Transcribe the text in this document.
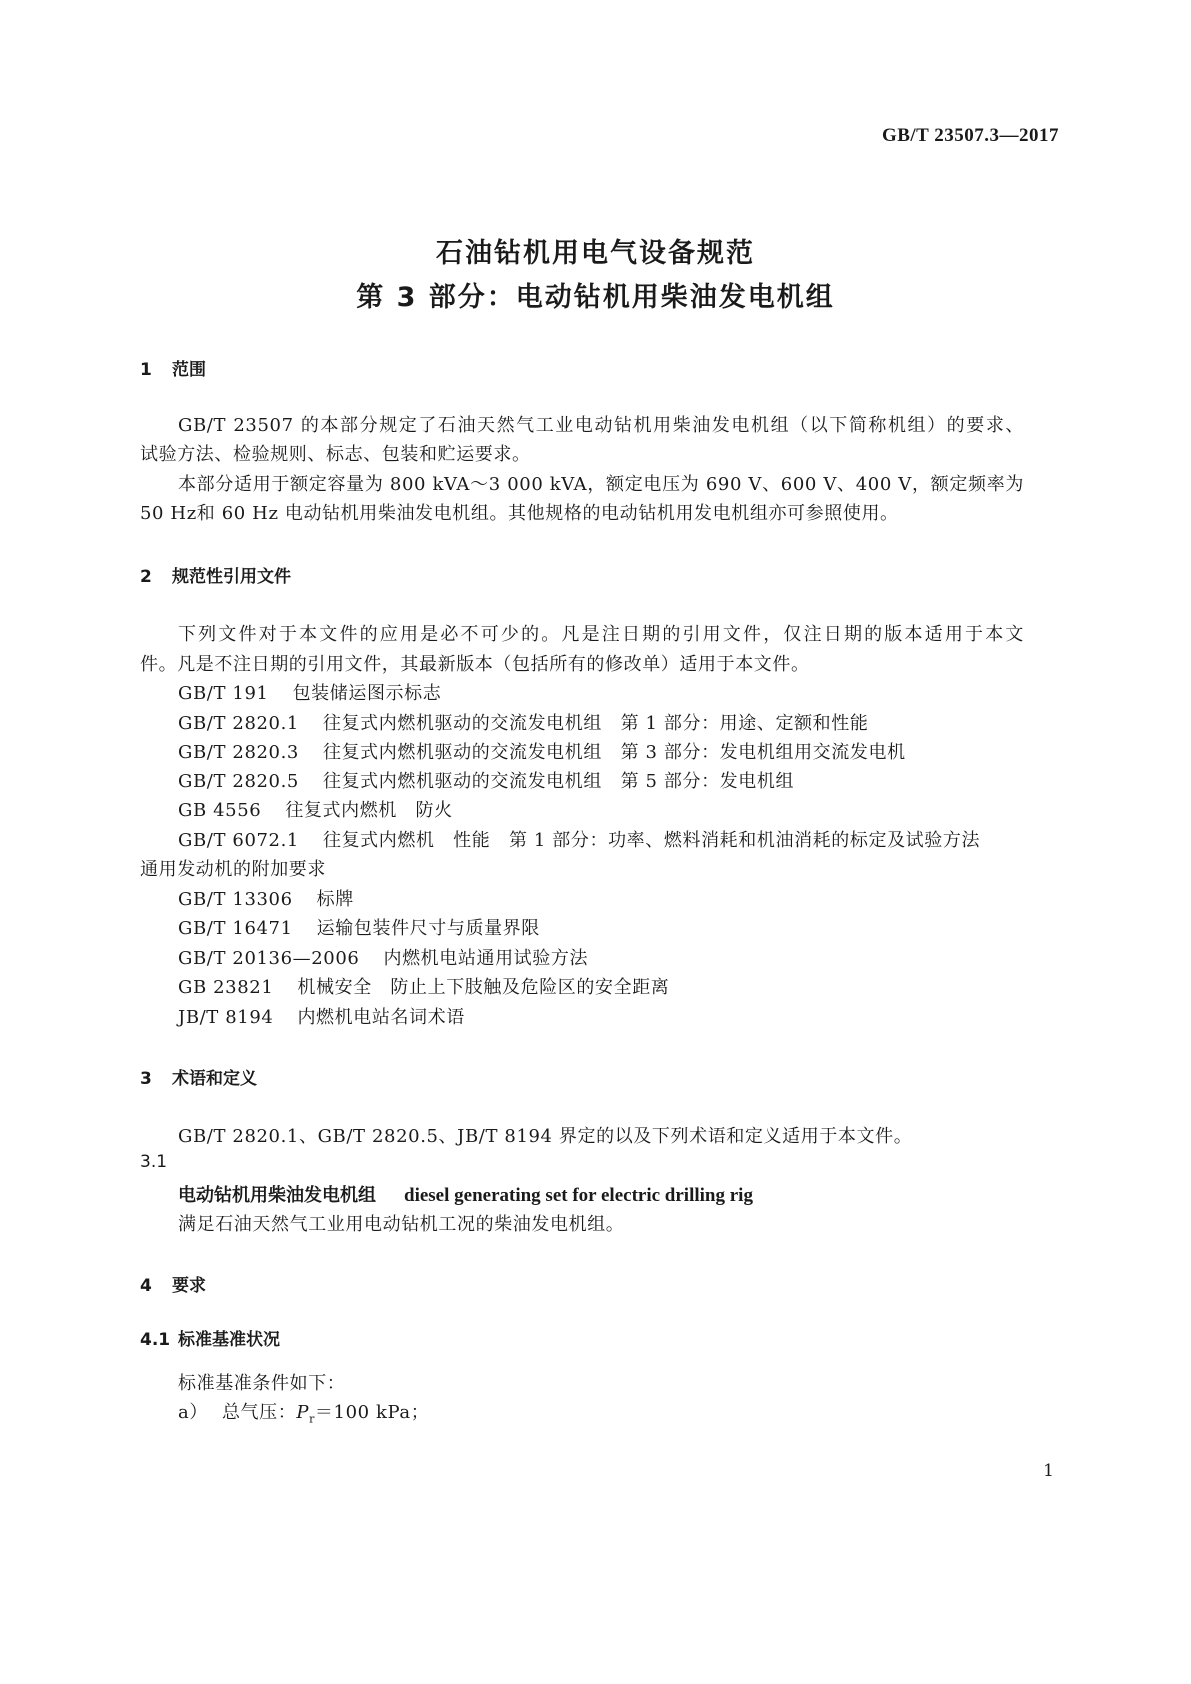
GB/T 23507.3—2017
石油钻机用电气设备规范
第 3 部分：电动钻机用柴油发电机组
1 范围
GB/T 23507 的本部分规定了石油天然气工业电动钻机用柴油发电机组（以下简称机组）的要求、
试验方法、检验规则、标志、包装和贮运要求。
本部分适用于额定容量为 800 kVA～3 000 kVA，额定电压为 690 V、600 V、400 V，额定频率为
50 Hz和 60 Hz 电动钻机用柴油发电机组。其他规格的电动钻机用发电机组亦可参照使用。
2 规范性引用文件
下列文件对于本文件的应用是必不可少的。凡是注日期的引用文件，仅注日期的版本适用于本文
件。凡是不注日期的引用文件，其最新版本（包括所有的修改单）适用于本文件。
GB/T 191 包装储运图示标志
GB/T 2820.1 往复式内燃机驱动的交流发电机组　第 1 部分：用途、定额和性能
GB/T 2820.3 往复式内燃机驱动的交流发电机组　第 3 部分：发电机组用交流发电机
GB/T 2820.5 往复式内燃机驱动的交流发电机组　第 5 部分：发电机组
GB 4556 往复式内燃机　防火
GB/T 6072.1 往复式内燃机　性能　第 1 部分：功率、燃料消耗和机油消耗的标定及试验方法
通用发动机的附加要求
GB/T 13306 标牌
GB/T 16471 运输包装件尺寸与质量界限
GB/T 20136—2006 内燃机电站通用试验方法
GB 23821 机械安全　防止上下肢触及危险区的安全距离
JB/T 8194 内燃机电站名词术语
3 术语和定义
GB/T 2820.1、GB/T 2820.5、JB/T 8194 界定的以及下列术语和定义适用于本文件。
3.1
电动钻机用柴油发电机组 diesel generating set for electric drilling rig
满足石油天然气工业用电动钻机工况的柴油发电机组。
4 要求
4.1 标准基准状况
标准基准条件如下：
a） 总气压：$P_r=100$ kPa；
1
